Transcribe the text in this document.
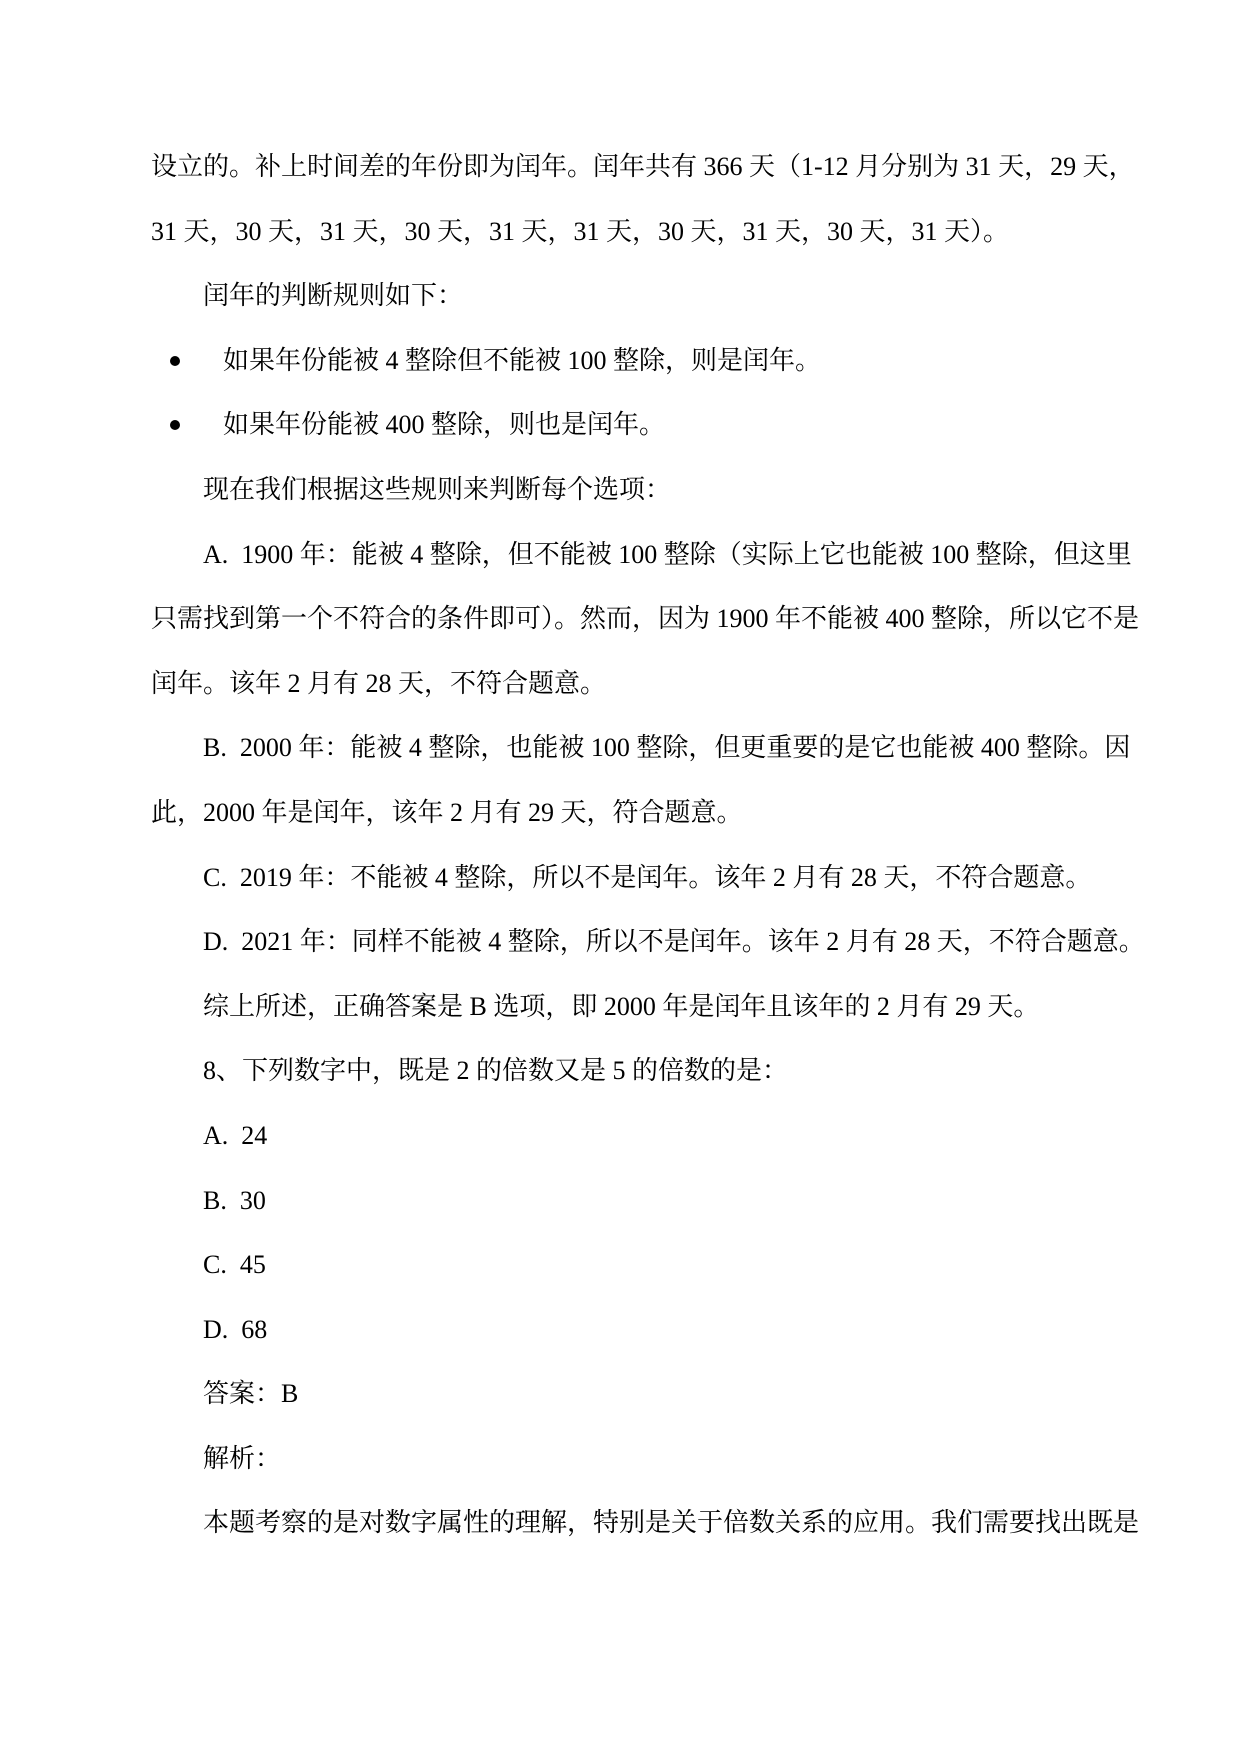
设立的。补上时间差的年份即为闰年。闰年共有 366 天（1-12 月分别为 31 天，29 天，
31 天，30 天，31 天，30 天，31 天，31 天，30 天，31 天，30 天，31 天）。
闰年的判断规则如下：
如果年份能被 4 整除但不能被 100 整除，则是闰年。
如果年份能被 400 整除，则也是闰年。
现在我们根据这些规则来判断每个选项：
A.  1900 年：能被 4 整除，但不能被 100 整除（实际上它也能被 100 整除，但这里
只需找到第一个不符合的条件即可）。然而，因为 1900 年不能被 400 整除，所以它不是
闰年。该年 2 月有 28 天，不符合题意。
B.  2000 年：能被 4 整除，也能被 100 整除，但更重要的是它也能被 400 整除。因
此，2000 年是闰年，该年 2 月有 29 天，符合题意。
C.  2019 年：不能被 4 整除，所以不是闰年。该年 2 月有 28 天，不符合题意。
D.  2021 年：同样不能被 4 整除，所以不是闰年。该年 2 月有 28 天，不符合题意。
综上所述，正确答案是 B 选项，即 2000 年是闰年且该年的 2 月有 29 天。
8、下列数字中，既是 2 的倍数又是 5 的倍数的是：
A.  24
B.  30
C.  45
D.  68
答案：B
解析：
本题考察的是对数字属性的理解，特别是关于倍数关系的应用。我们需要找出既是
